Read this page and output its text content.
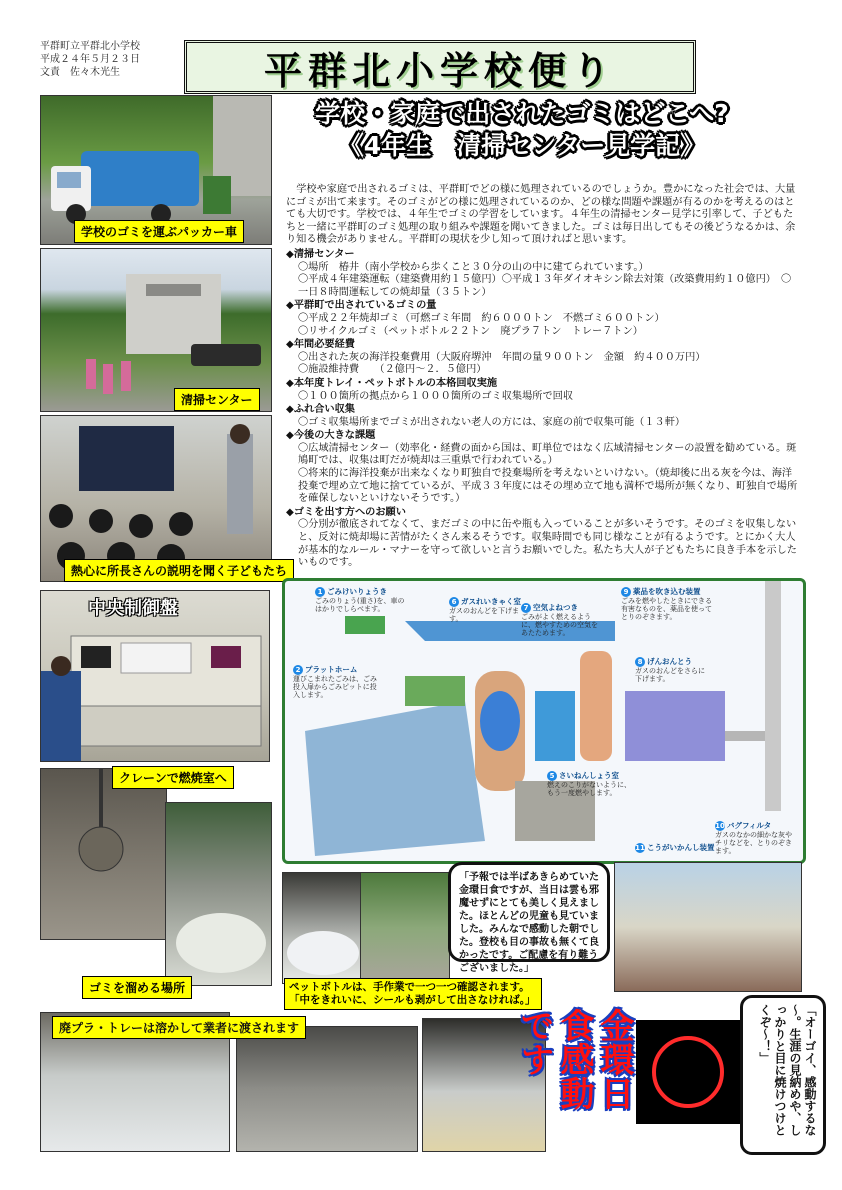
平群町立平群北小学校
平成２４年５月２３日
文責　佐々木光生	平群北小学校便り
学校・家庭で出されたゴミはどこへ?
《4年生　清掃センター見学記》
学校のゴミを運ぶパッカー車
清掃センター
熱心に所長さんの説明を聞く子どもたち
中央制御盤
クレーンで燃焼室へ
ゴミを溜める場所

学校や家庭で出されるゴミは、平群町でどの様に処理されているのでしょうか。豊かになった社会では、大量にゴミが出て来ます。そのゴミがどの様に処理されているのか、どの様な問題や課題が有るのかを考えるのはとても大切です。学校では、４年生でゴミの学習をしています。４年生の清掃センター見学に引率して、子どもたちと一緒に平群町のゴミ処理の取り組みや課題を聞いてきました。ゴミは毎日出してもその後どうなるかは、余り知る機会がありません。平群町の現状を少し知って頂ければと思います。

◆清掃センター
〇場所　椿井（南小学校から歩くこと３０分の山の中に建てられています。）
〇平成４年建築運転（建築費用約１５億円）〇平成１３年ダイオキシン除去対策（改築費用約１０億円）　〇一日８時間運転しての焼却量（３５トン）
◆平群町で出されているゴミの量
〇平成２２年焼却ゴミ（可燃ゴミ年間　約６０００トン　不燃ゴミ６００トン）
〇リサイクルゴミ（ペットボトル２２トン　廃プラ７トン　トレー７トン）
◆年間必要経費
〇出された灰の海洋投棄費用（大阪府堺沖　年間の量９００トン　金額　約４００万円）
〇施設維持費　　（２億円～２．５億円）
◆本年度トレイ・ペットボトルの本格回収実施
〇１００箇所の拠点から１０００箇所のゴミ収集場所で回収
◆ふれ合い収集
〇ゴミ収集場所までゴミが出されない老人の方には、家庭の前で収集可能（１３軒）
◆今後の大きな課題
〇広域清掃センター（効率化・経費の面から国は、町単位ではなく広域清掃センターの設置を勧めている。斑鳩町では、収集は町だが焼却は三重県で行われている。）
〇将来的に海洋投棄が出来なくなり町独自で投棄場所を考えないといけない。（焼却後に出る灰を今は、海洋投棄で埋め立て地に捨てているが、平成３３年度にはその埋め立て地も満杯で場所が無くなり、町独自で場所を確保しないといけないそうです。）
◆ゴミを出す方へのお願い
〇分別が徹底されてなくて、まだゴミの中に缶や瓶も入っていることが多いそうです。そのゴミを収集しないと、反対に焼却場に苦情がたくさん来るそうです。収集時間でも同じ様なことが有るようです。とにかく大人が基本的なルール・マナーを守って欲しいと言うお願いでした。私たち大人が子どもたちに良き手本を示したいものです。
1 ごみけいりょうき
ごみのりょう(重さ)を、車のはかりでしらべます。
2 プラットホーム
運びこまれたごみは、ごみ投入扉からごみピットに投入します。
6 ガスれいきゃく室
ガスのおんどを下げます。
7 空気よねつき
ごみがよく燃えるように、燃やすための空気をあたためます。
9 薬品を吹き込む装置
ごみを燃やしたときにできる有害なものを、薬品を使ってとりのぞきます。
8 げんおんとう
ガスのおんどをさらに下げます。
5 さいねんしょう室
燃えのこりがないように、もう一度燃やします。
10 バグフィルタ
ガスのなかの細かな灰やチリなどを、とりのぞきます。
11 こうがいかんし装置
ペットボトルは、手作業で一つ一つ確認されます。「中をきれいに、シールも剥がして出さなければ。」
廃プラ・トレーは溶かして業者に渡されます
「予報では半ばあきらめていた金環日食ですが、当日は雲も邪魔せずにとても美しく見えました。ほとんどの児童も見ていました。みんなで感動した朝でした。登校も目の事故も無くて良かったです。ご配慮を有り難うございました。」
金環日食感動です	「オーゴイ、感動するな～。生涯の見納めや、しっかりと目に焼けつけとくぞ～！」
